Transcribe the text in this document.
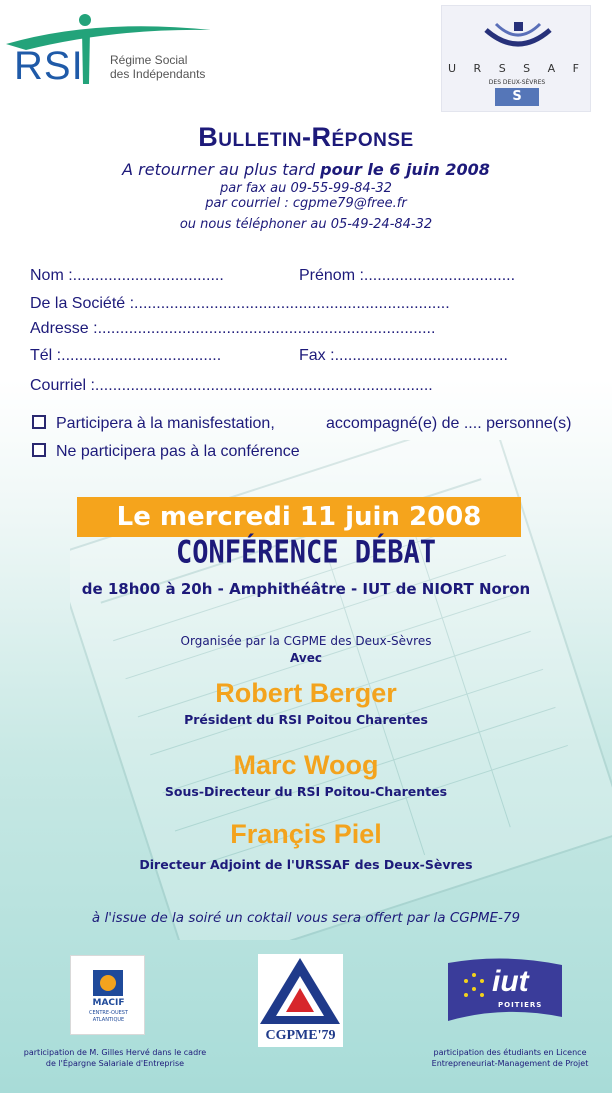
RSI Régime Social
des Indépendants	U R S S A F
DES DEUX-SÈVRES
S
Bulletin-Réponse
A retourner au plus tard pour le 6 juin 2008
par fax au 09-55-99-84-32
par courriel : cgpme79@free.fr
ou nous téléphoner au 05-49-24-84-32
Nom :..................................	Prénom :..................................
De la Société :.......................................................................
Adresse :............................................................................
Tél :....................................	Fax :.......................................
Courriel :............................................................................
Participera à la manisfestation,	accompagné(e) de .... personne(s)
Ne participera pas à la conférence
Le mercredi 11 juin 2008
CONFÉRENCE DÉBAT
de 18h00 à 20h - Amphithéâtre - IUT de NIORT Noron
Organisée par la CGPME des Deux-Sèvres
Avec
Robert Berger
Président du RSI Poitou Charentes
Marc Woog
Sous-Directeur du RSI Poitou-Charentes
Françis Piel
Directeur Adjoint de l'URSSAF des Deux-Sèvres
à l'issue de la soiré un coktail vous sera offert par la CGPME-79
MACIF
CENTRE-OUEST
ATLANTIQUE
CGPME'79
iut
POITIERS
participation de M. Gilles Hervé dans le cadre
de l'Épargne Salariale d'Entreprise
participation des étudiants en Licence
Entrepreneuriat-Management de Projet
